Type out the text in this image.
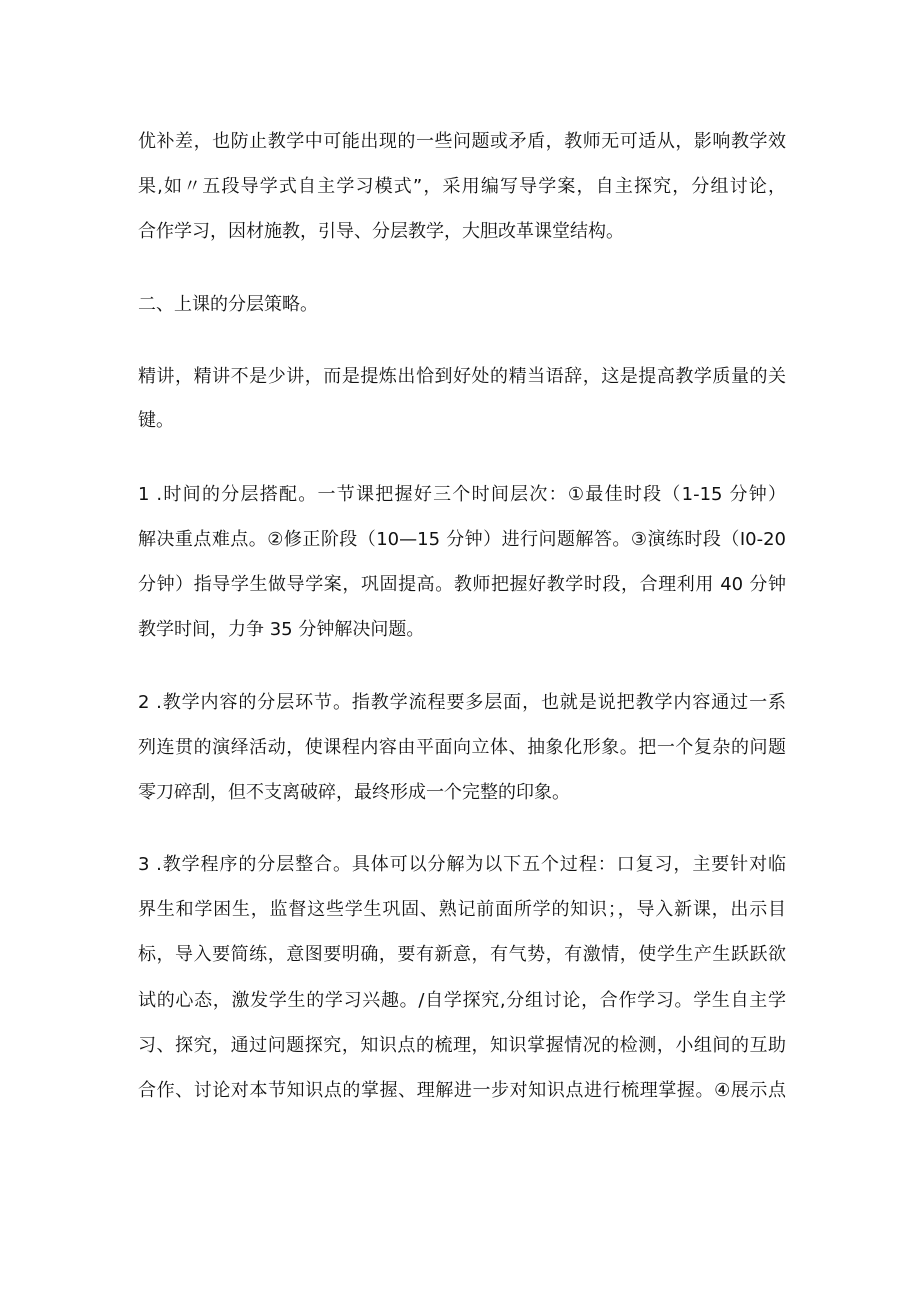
优补差，也防止教学中可能出现的一些问题或矛盾，教师无可适从，影响教学效
果,如〃五段导学式自主学习模式”，采用编写导学案，自主探究，分组讨论，
合作学习，因材施教，引导、分层教学，大胆改革课堂结构。
二、上课的分层策略。
精讲，精讲不是少讲，而是提炼出恰到好处的精当语辞，这是提高教学质量的关
键。
1 .时间的分层搭配。一节课把握好三个时间层次：①最佳时段（1-15 分钟）
解决重点难点。②修正阶段（10—15 分钟）进行问题解答。③演练时段（I0-20
分钟）指导学生做导学案，巩固提高。教师把握好教学时段，合理利用 40 分钟
教学时间，力争 35 分钟解决问题。
2 .教学内容的分层环节。指教学流程要多层面，也就是说把教学内容通过一系
列连贯的演绎活动，使课程内容由平面向立体、抽象化形象。把一个复杂的问题
零刀碎刮，但不支离破碎，最终形成一个完整的印象。
3 .教学程序的分层整合。具体可以分解为以下五个过程：口复习，主要针对临
界生和学困生，监督这些学生巩固、熟记前面所学的知识；，导入新课，出示目
标，导入要简练，意图要明确，要有新意，有气势，有激情，使学生产生跃跃欲
试的心态，激发学生的学习兴趣。/自学探究,分组讨论，合作学习。学生自主学
习、探究，通过问题探究，知识点的梳理，知识掌握情况的检测，小组间的互助
合作、讨论对本节知识点的掌握、理解进一步对知识点进行梳理掌握。④展示点
